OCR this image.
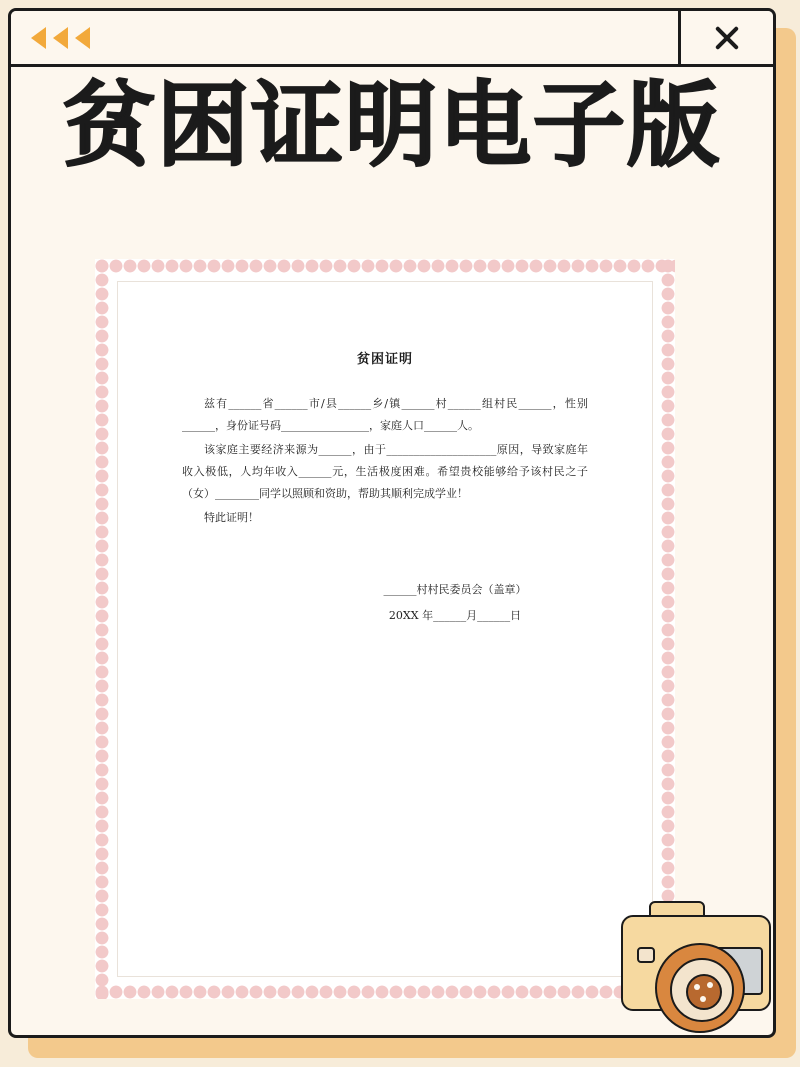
贫困证明电子版
贫困证明

兹有______省______市/县______乡/镇______村______组村民______，性别______，身份证号码________________，家庭人口______人。

该家庭主要经济来源为______，由于____________________原因，导致家庭年收入极低，人均年收入______元，生活极度困难。希望贵校能够给予该村民之子（女）________同学以照顾和资助，帮助其顺利完成学业！

特此证明！

______村村民委员会（盖章）
20XX 年______月______日
